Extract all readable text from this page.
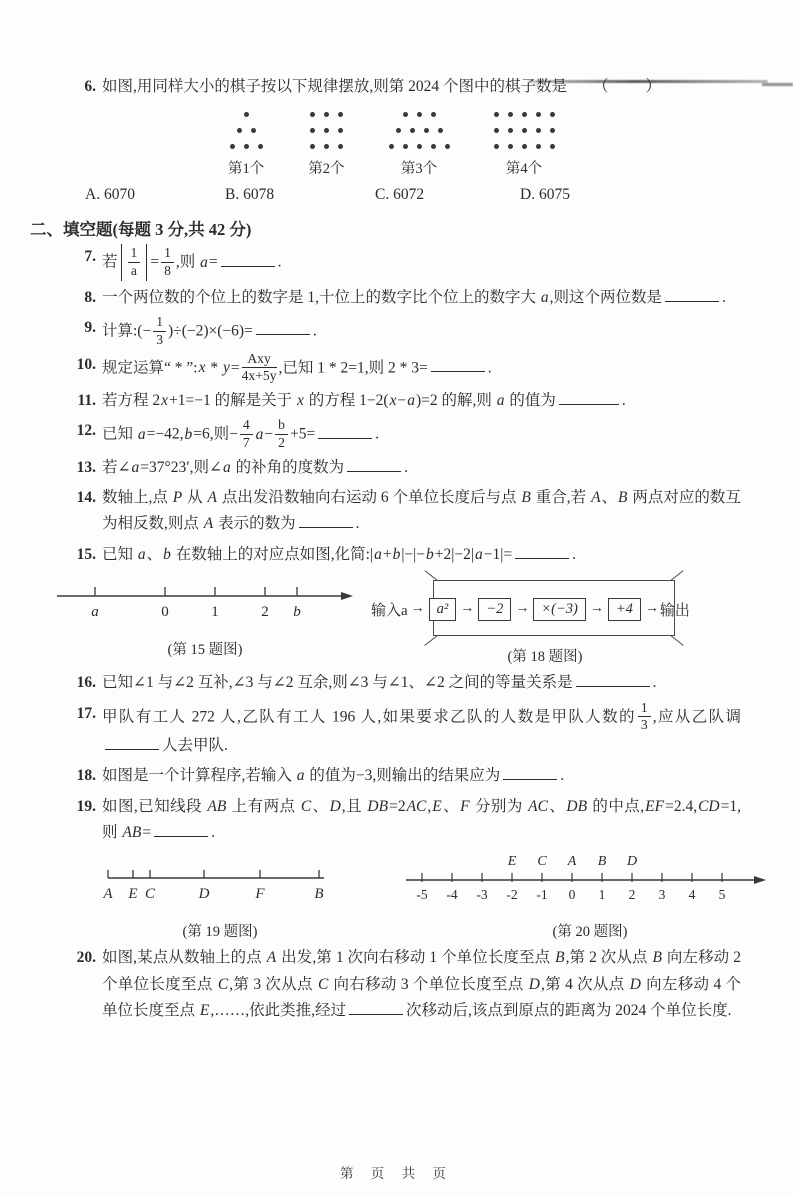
6. 如图,用同样大小的棋子按以下规律摆放,则第 2024 个图中的棋子数是 （　　）
第1个	第2个	第3个	第4个
A. 6070	B. 6078	C. 6072	D. 6075
二、填空题(每题 3 分,共 42 分)
7. 若 $\frac{1}{a} = \frac{1}{8}$ ,则 a=	.
8. 一个两位数的个位上的数字是 1,十位上的数字比个位上的数字大 a,则这个两位数是	.
9. 计算:(− $\frac{1}{3} )\div(-2)\times(-6)=$	.
10. 规定运算“ * ”:x * $y= \frac{\text{Axy}}{4x+5y}$ ,已知 1 * 2=1,则 2 * 3=	.
11. 若方程 2x+1=−1 的解是关于 x 的方程 1−2(x−a)=2 的解,则 a 的值为	.
12. 已知 a=−42,b=6,则− $\frac{4}{7} a- \frac{b}{2} +5=$	.
13. 若∠a=37°23′,则∠a 的补角的度数为	.
14. 数轴上,点 P 从 A 点出发沿数轴向右运动 6 个单位长度后与点 B 重合,若 A、B 两点对应的数互为相反数,则点 A 表示的数为	.
15. 已知 a、b 在数轴上的对应点如图,化简:|a+b|−|−b+2|−2|a−1|=	.
a	0	1	2 b
(第 15 题图)
输入a → a² → −2 → ×(−3) → +4 → 输出
(第 18 题图)
16. 已知∠1 与∠2 互补,∠3 与∠2 互余,则∠3 与∠1、∠2 之间的等量关系是	.
17. 甲队有工人 272 人,乙队有工人 196 人,如果要求乙队的人数是甲队人数的 $\frac{1}{3}$ ,应从乙队调人去甲队.
18. 如图是一个计算程序,若输入 a 的值为−3,则输出的结果应为	.
19. 如图,已知线段 AB 上有两点 C、D,且 DB=2AC,E、F 分别为 AC、DB 的中点,EF=2.4,CD=1,则 AB=	.
A E C	D	F	B
(第 19 题图)
-5 -4 -3 -2 -1 0 1 2 3 4 5
E C A B D
(第 20 题图)
20. 如图,某点从数轴上的点 A 出发,第 1 次向右移动 1 个单位长度至点 B,第 2 次从点 B 向左移动 2 个单位长度至点 C,第 3 次从点 C 向右移动 3 个单位长度至点 D,第 4 次从点 D 向左移动 4 个单位长度至点 E,……,依此类推,经过	次移动后,该点到原点的距离为 2024 个单位长度.
第 页 共 页
